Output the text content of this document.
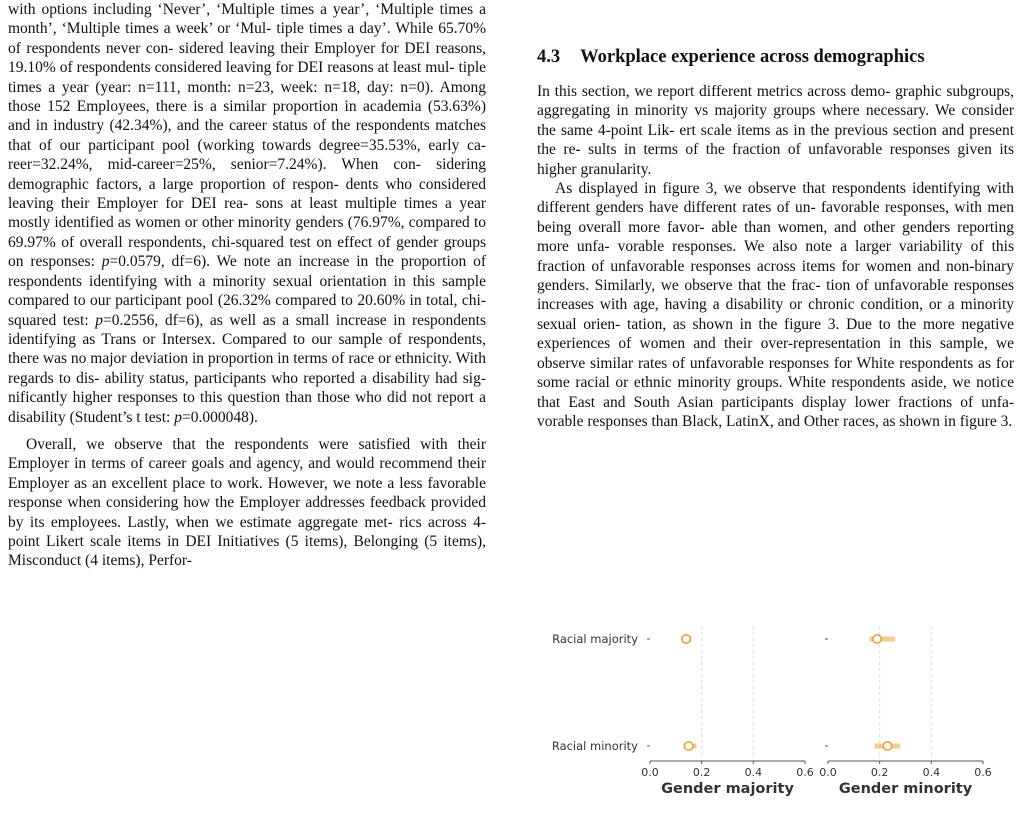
with options including ‘Never’, ‘Multiple times a year’, ‘Multiple times a month’, ‘Multiple times a week’ or ‘Mul- tiple times a day’. While 65.70% of respondents never con- sidered leaving their Employer for DEI reasons, 19.10% of respondents considered leaving for DEI reasons at least mul- tiple times a year (year: n=111, month: n=23, week: n=18, day: n=0). Among those 152 Employees, there is a similar proportion in academia (53.63%) and in industry (42.34%), and the career status of the respondents matches that of our participant pool (working towards degree=35.53%, early ca- reer=32.24%, mid-career=25%, senior=7.24%). When con- sidering demographic factors, a large proportion of respon- dents who considered leaving their Employer for DEI rea- sons at least multiple times a year mostly identified as women or other minority genders (76.97%, compared to 69.97% of overall respondents, chi-squared test on effect of gender groups on responses: p=0.0579, df=6). We note an increase in the proportion of respondents identifying with a minority sexual orientation in this sample compared to our participant pool (26.32% compared to 20.60% in total, chi- squared test: p=0.2556, df=6), as well as a small increase in respondents identifying as Trans or Intersex. Compared to our sample of respondents, there was no major deviation in proportion in terms of race or ethnicity. With regards to dis- ability status, participants who reported a disability had sig- nificantly higher responses to this question than those who did not report a disability (Student’s t test: p=0.000048).
Overall, we observe that the respondents were satisfied with their Employer in terms of career goals and agency, and would recommend their Employer as an excellent place to work. However, we note a less favorable response when considering how the Employer addresses feedback provided by its employees. Lastly, when we estimate aggregate met- rics across 4-point Likert scale items in DEI Initiatives (5 items), Belonging (5 items), Misconduct (4 items), Perfor-
4.3 Workplace experience across demographics
In this section, we report different metrics across demo- graphic subgroups, aggregating in minority vs majority groups where necessary. We consider the same 4-point Lik- ert scale items as in the previous section and present the re- sults in terms of the fraction of unfavorable responses given its higher granularity.
As displayed in figure 3, we observe that respondents identifying with different genders have different rates of un- favorable responses, with men being overall more favor- able than women, and other genders reporting more unfa- vorable responses. We also note a larger variability of this fraction of unfavorable responses across items for women and non-binary genders. Similarly, we observe that the frac- tion of unfavorable responses increases with age, having a disability or chronic condition, or a minority sexual orien- tation, as shown in the figure 3. Due to the more negative experiences of women and their over-representation in this sample, we observe similar rates of unfavorable responses for White respondents as for some racial or ethnic minority groups. White respondents aside, we notice that East and South Asian participants display lower fractions of unfa- vorable responses than Black, LatinX, and Other races, as shown in figure 3.
Racial majority
Racial minority
0.0	0.2	0.4	0.6
Gender majority
0.0	0.2	0.4	0.6
Gender minority
